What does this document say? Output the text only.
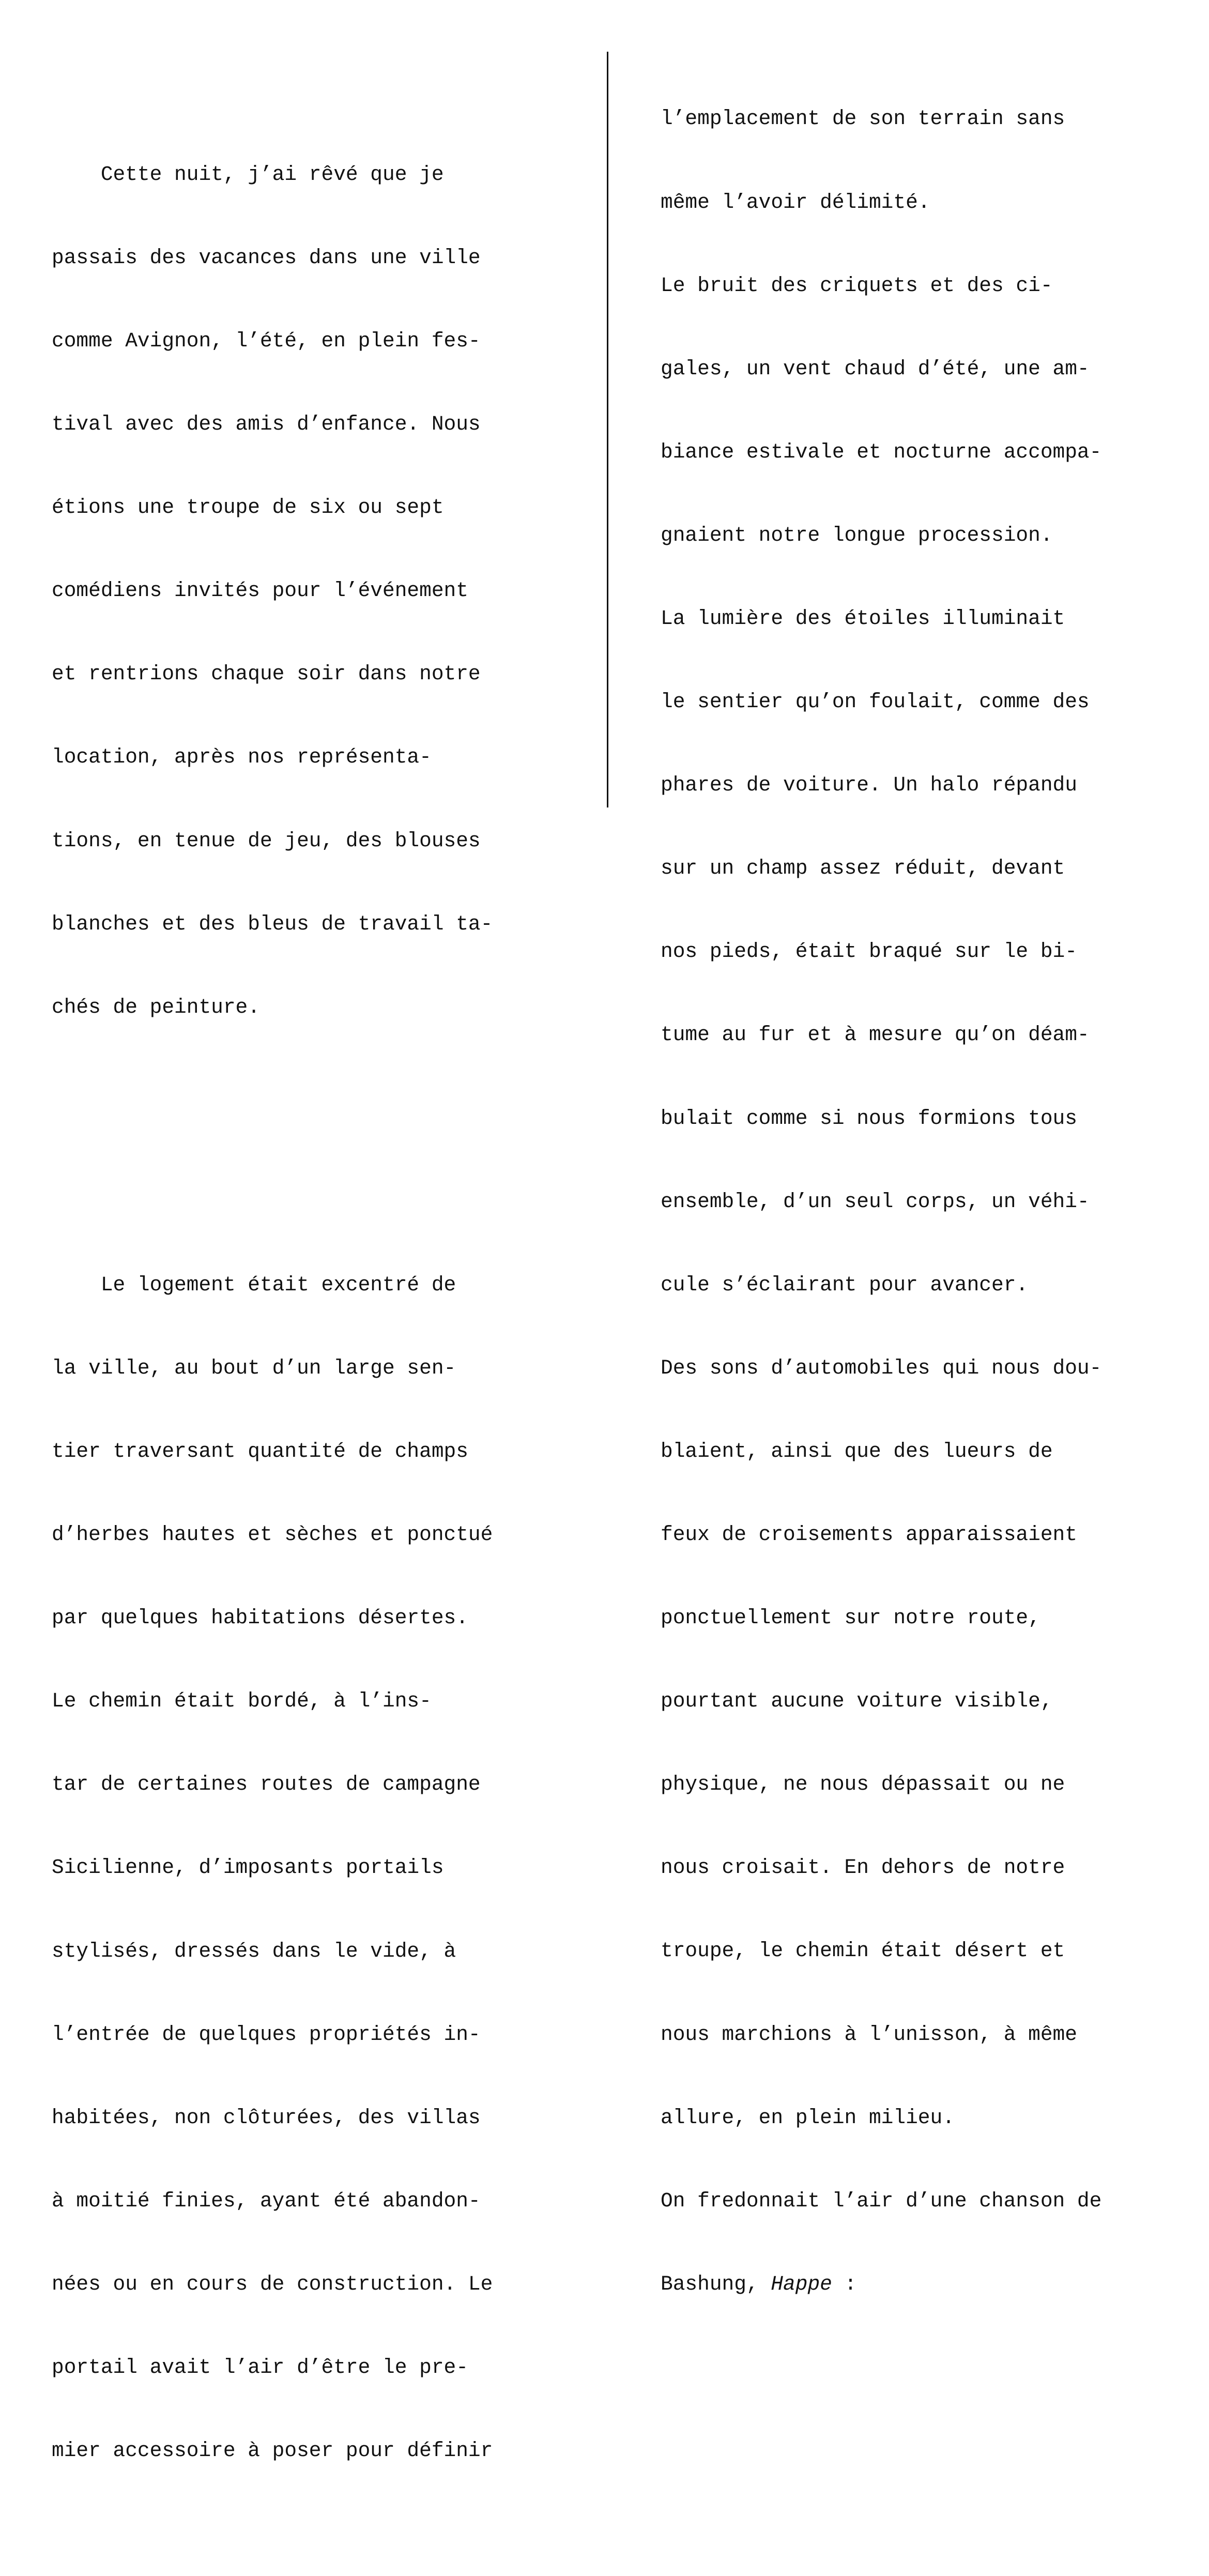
Cette nuit, j’ai rêvé que je

passais des vacances dans une ville

comme Avignon, l’été, en plein fes-

tival avec des amis d’enfance. Nous

étions une troupe de six ou sept

comédiens invités pour l’événement

et rentrions chaque soir dans notre

location, après nos représenta-

tions, en tenue de jeu, des blouses

blanches et des bleus de travail ta-

chés de peinture.

Le logement était excentré de

la ville, au bout d’un large sen-

tier traversant quantité de champs

d’herbes hautes et sèches et ponctué

par quelques habitations désertes.

Le chemin était bordé, à l’ins-

tar de certaines routes de campagne

Sicilienne, d’imposants portails

stylisés, dressés dans le vide, à

l’entrée de quelques propriétés in-

habitées, non clôturées, des villas

à moitié finies, ayant été abandon-

nées ou en cours de construction. Le

portail avait l’air d’être le pre-

mier accessoire à poser pour définir

l’emplacement de son terrain sans

même l’avoir délimité.

Le bruit des criquets et des ci-

gales, un vent chaud d’été, une am-

biance estivale et nocturne accompa-

gnaient notre longue procession.

La lumière des étoiles illuminait

le sentier qu’on foulait, comme des

phares de voiture. Un halo répandu

sur un champ assez réduit, devant

nos pieds, était braqué sur le bi-

tume au fur et à mesure qu’on déam-

bulait comme si nous formions tous

ensemble, d’un seul corps, un véhi-

cule s’éclairant pour avancer.

Des sons d’automobiles qui nous dou-

blaient, ainsi que des lueurs de

feux de croisements apparaissaient

ponctuellement sur notre route,

pourtant aucune voiture visible,

physique, ne nous dépassait ou ne

nous croisait. En dehors de notre

troupe, le chemin était désert et

nous marchions à l’unisson, à même

allure, en plein milieu.

On fredonnait l’air d’une chanson de

Bashung, Happe :
